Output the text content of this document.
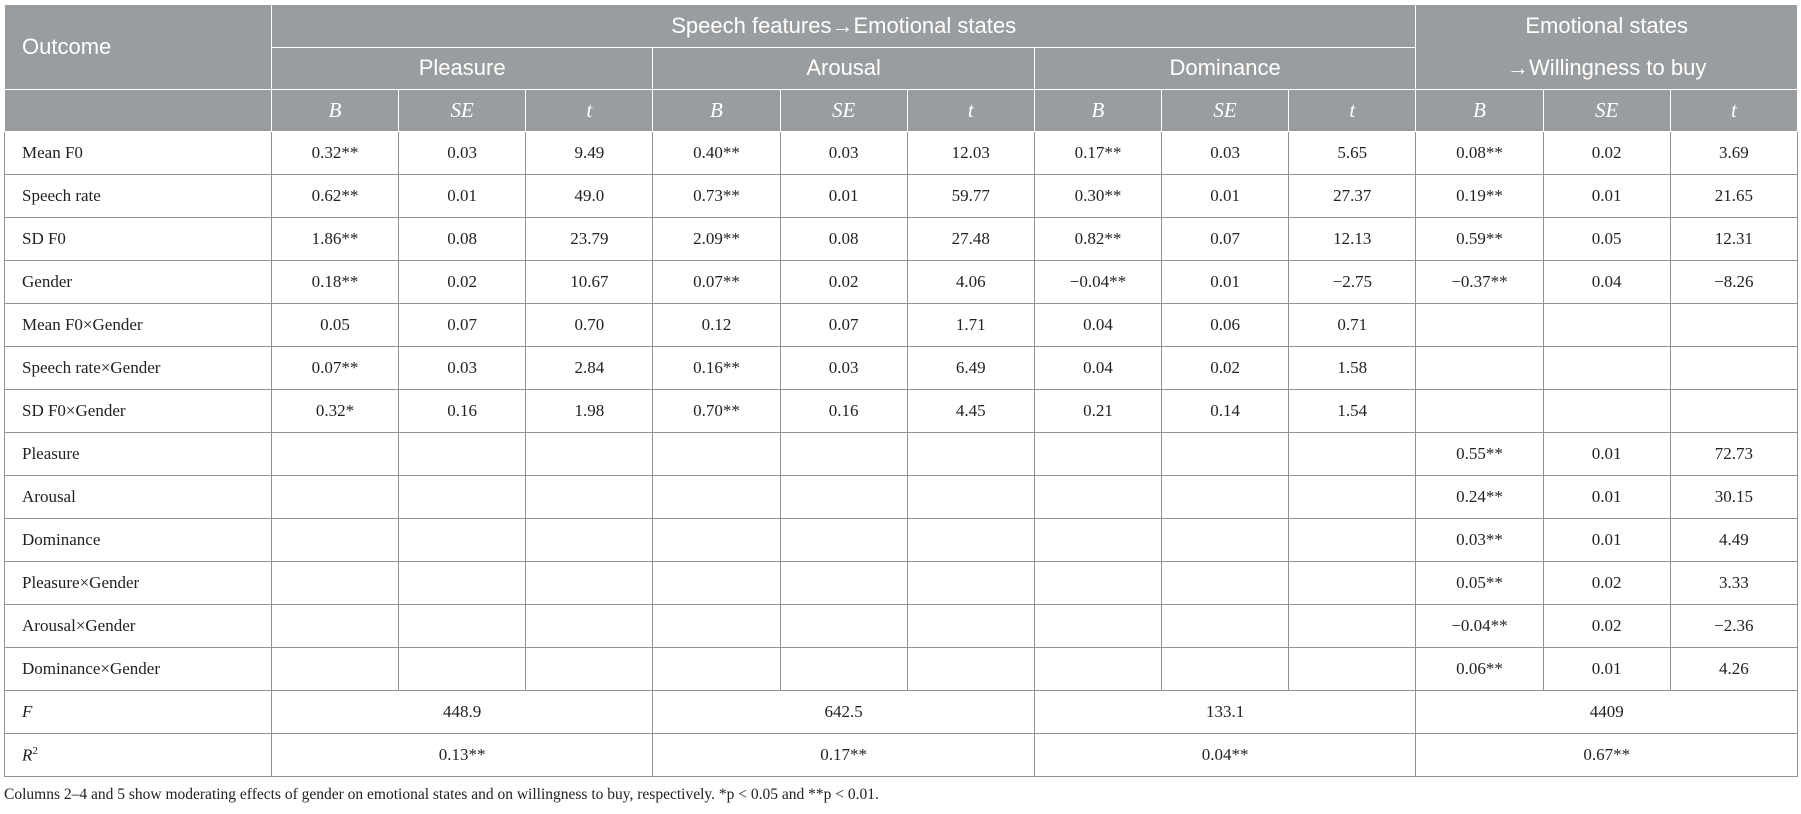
Outcome	Speech features→Emotional states									Emotional states
→Willingness to buy		
	Pleasure			Arousal			Dominance					
	B	SE	t	B	SE	t	B	SE	t	B	SE	t
Mean F0	0.32**	0.03	9.49	0.40**	0.03	12.03	0.17**	0.03	5.65	0.08**	0.02	3.69
Speech rate	0.62**	0.01	49.0	0.73**	0.01	59.77	0.30**	0.01	27.37	0.19**	0.01	21.65
SD F0	1.86**	0.08	23.79	2.09**	0.08	27.48	0.82**	0.07	12.13	0.59**	0.05	12.31
Gender	0.18**	0.02	10.67	0.07**	0.02	4.06	−0.04**	0.01	−2.75	−0.37**	0.04	−8.26
Mean F0×Gender	0.05	0.07	0.70	0.12	0.07	1.71	0.04	0.06	0.71			
Speech rate×Gender	0.07**	0.03	2.84	0.16**	0.03	6.49	0.04	0.02	1.58			
SD F0×Gender	0.32*	0.16	1.98	0.70**	0.16	4.45	0.21	0.14	1.54			
Pleasure										0.55**	0.01	72.73
Arousal										0.24**	0.01	30.15
Dominance										0.03**	0.01	4.49
Pleasure×Gender										0.05**	0.02	3.33
Arousal×Gender										−0.04**	0.02	−2.36
Dominance×Gender										0.06**	0.01	4.26
F	448.9			642.5			133.1			4409		
$R^2$	0.13**			0.17**			0.04**			0.67**		
Columns 2–4 and 5 show moderating effects of gender on emotional states and on willingness to buy, respectively. *p < 0.05 and **p < 0.01.
